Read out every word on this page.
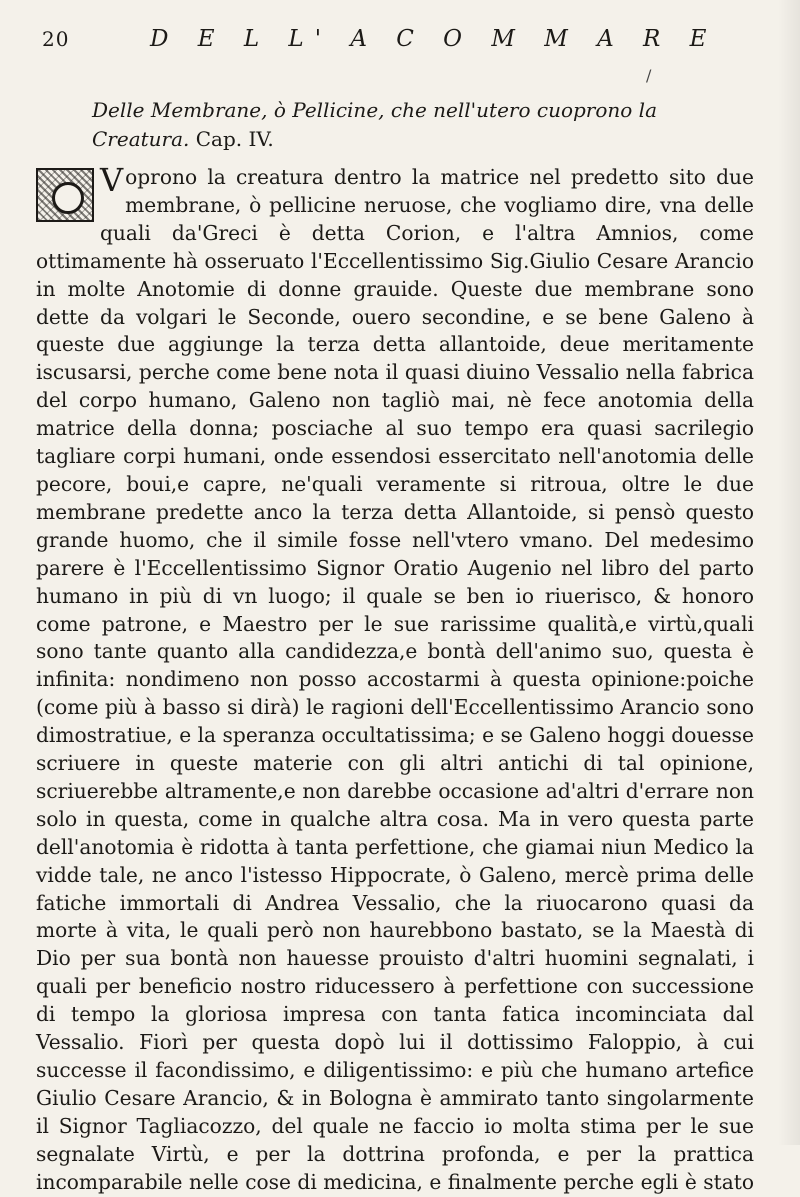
20	D E L L' A C O M M A R E
/
Delle Membrane, ò Pellicine, che nell'utero cuoprono la Creatura. Cap. IV.
V oprono la creatura dentro la matrice nel predetto sito due membrane, ò pellicine neruose, che vogliamo dire, vna delle quali da'Greci è detta Corion, e l'altra Amnios, come ottimamente hà osseruato l'Eccellentissimo Sig.Giulio Cesare Arancio in molte Anotomie di donne grauide. Queste due membrane sono dette da volgari le Seconde, ouero secondine, e se bene Galeno à queste due aggiunge la terza detta allantoide, deue meritamente iscusarsi, perche come bene nota il quasi diuino Vessalio nella fabrica del corpo humano, Galeno non tagliò mai, nè fece anotomia della matrice della donna; posciache al suo tempo era quasi sacrilegio tagliare corpi humani, onde essendosi essercitato nell'anotomia delle pecore, boui,e capre, ne'quali veramente si ritroua, oltre le due membrane predette anco la terza detta Allantoide, si pensò questo grande huomo, che il simile fosse nell'vtero vmano. Del medesimo parere è l'Eccellentissimo Signor Oratio Augenio nel libro del parto humano in più di vn luogo; il quale se ben io riuerisco, & honoro come patrone, e Maestro per le sue rarissime qualità,e virtù,quali sono tante quanto alla candidezza,e bontà dell'animo suo, questa è infinita: nondimeno non posso accostarmi à questa opinione:poiche (come più à basso si dirà) le ragioni dell'Eccellentissimo Arancio sono dimostratiue, e la speranza occultatissima; e se Galeno hoggi douesse scriuere in queste materie con gli altri antichi di tal opinione, scriuerebbe altramente,e non darebbe occasione ad'altri d'errare non solo in questa, come in qualche altra cosa. Ma in vero questa parte dell'anotomia è ridotta à tanta perfettione, che giamai niun Medico la vidde tale, ne anco l'istesso Hippocrate, ò Galeno, mercè prima delle fatiche immortali di Andrea Vessalio, che la riuocarono quasi da morte à vita, le quali però non haurebbono bastato, se la Maestà di Dio per sua bontà non hauesse prouisto d'altri huomini segnalati, i quali per beneficio nostro riducessero à perfettione con successione di tempo la gloriosa impresa con tanta fatica incominciata dal Vessalio. Fiorì per questa dopò lui il dottissimo Faloppio, à cui successe il facondissimo, e diligentissimo: e più che humano artefice Giulio Cesare Arancio, & in Bologna è ammirato tanto singolarmente il Signor Tagliacozzo, del quale ne faccio io molta stima per le sue segnalate Virtù, e per la dottrina profonda, e per la prattica incomparabile nelle cose di medicina, e finalmente perche egli è stato
